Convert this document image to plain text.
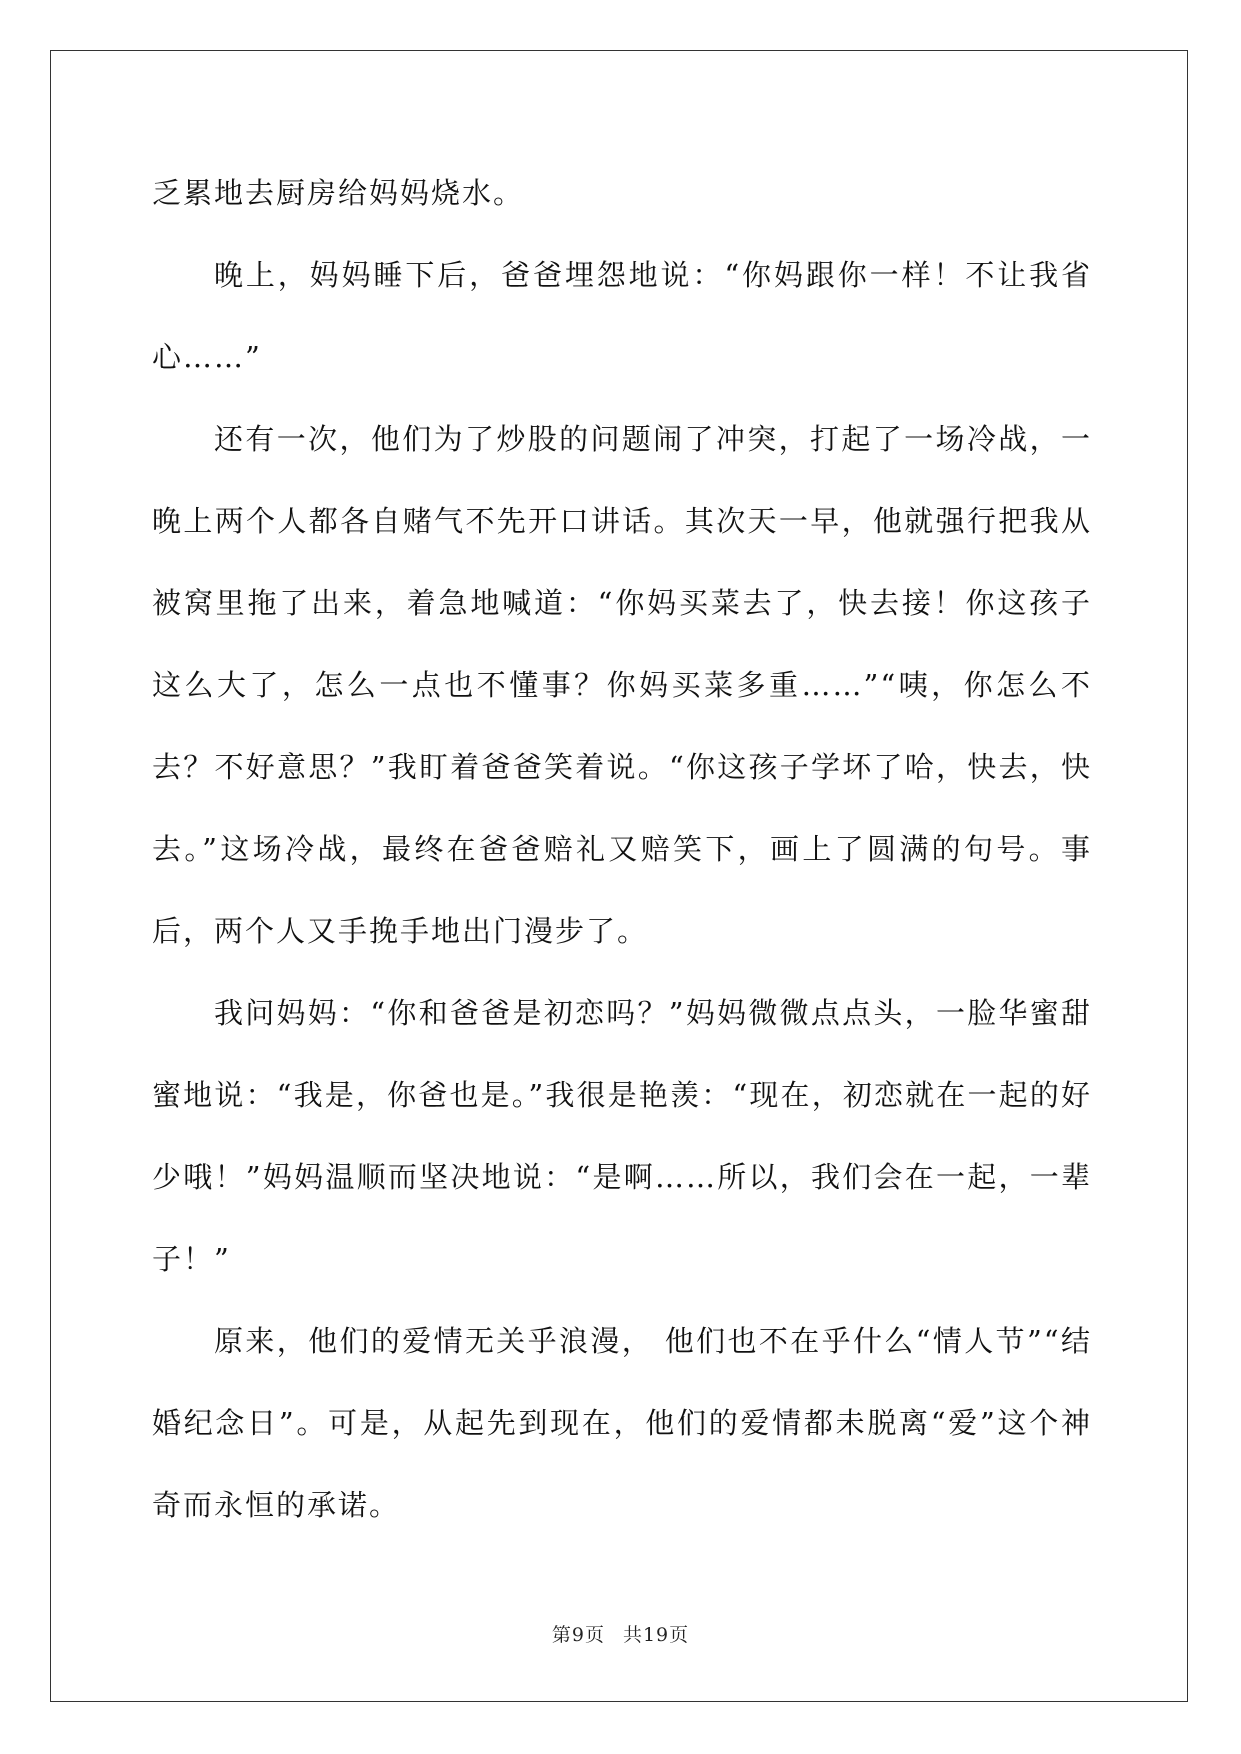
乏累地去厨房给妈妈烧水。

晚上，妈妈睡下后，爸爸埋怨地说：“你妈跟你一样！不让我省心……”

还有一次，他们为了炒股的问题闹了冲突，打起了一场冷战，一晚上两个人都各自赌气不先开口讲话。其次天一早，他就强行把我从被窝里拖了出来，着急地喊道：“你妈买菜去了，快去接！你这孩子这么大了，怎么一点也不懂事？你妈买菜多重……”“咦，你怎么不去？不好意思？”我盯着爸爸笑着说。“你这孩子学坏了哈，快去，快去。”这场冷战，最终在爸爸赔礼又赔笑下，画上了圆满的句号。事后，两个人又手挽手地出门漫步了。

我问妈妈：“你和爸爸是初恋吗？”妈妈微微点点头，一脸华蜜甜蜜地说：“我是，你爸也是。”我很是艳羡：“现在，初恋就在一起的好少哦！”妈妈温顺而坚决地说：“是啊……所以，我们会在一起，一辈子！”

原来，他们的爱情无关乎浪漫， 他们也不在乎什么“情人节”“结婚纪念日”。可是，从起先到现在，他们的爱情都未脱离“爱”这个神奇而永恒的承诺。

第9页 共19页
